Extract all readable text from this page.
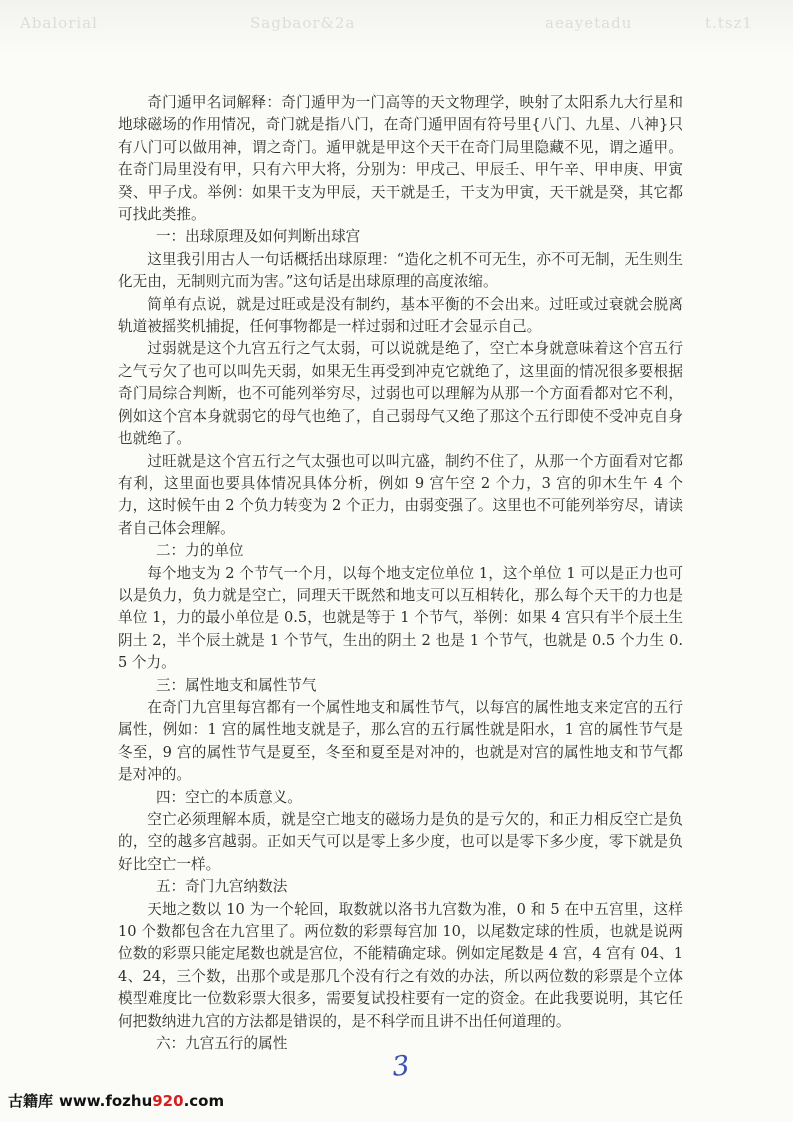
Abalorial	Sagbaor&2a	aeayetadu	t.tsz1

奇门遁甲名词解释：奇门遁甲为一门高等的天文物理学，映射了太阳系九大行星和地球磁场的作用情况，奇门就是指八门，在奇门遁甲固有符号里{八门、九星、八神}只有八门可以做用神，谓之奇门。遁甲就是甲这个天干在奇门局里隐藏不见，谓之遁甲。在奇门局里没有甲，只有六甲大将，分别为：甲戌己、甲辰壬、甲午辛、甲申庚、甲寅癸、甲子戊。举例：如果干支为甲辰，天干就是壬，干支为甲寅，天干就是癸，其它都可找此类推。

一：出球原理及如何判断出球宫

这里我引用古人一句话概括出球原理：“造化之机不可无生，亦不可无制，无生则生化无由，无制则亢而为害。”这句话是出球原理的高度浓缩。

简单有点说，就是过旺或是没有制约，基本平衡的不会出来。过旺或过衰就会脱离轨道被摇奖机捕捉，任何事物都是一样过弱和过旺才会显示自己。

过弱就是这个九宫五行之气太弱，可以说就是绝了，空亡本身就意味着这个宫五行之气亏欠了也可以叫先天弱，如果无生再受到冲克它就绝了，这里面的情况很多要根据奇门局综合判断，也不可能列举穷尽，过弱也可以理解为从那一个方面看都对它不利，例如这个宫本身就弱它的母气也绝了，自己弱母气又绝了那这个五行即使不受冲克自身也就绝了。

过旺就是这个宫五行之气太强也可以叫亢盛，制约不住了，从那一个方面看对它都有利，这里面也要具体情况具体分析，例如 9 宫午空 2 个力，3 宫的卯木生午 4 个力，这时候午由 2 个负力转变为 2 个正力，由弱变强了。这里也不可能列举穷尽，请读者自己体会理解。

二：力的单位

每个地支为 2 个节气一个月，以每个地支定位单位 1，这个单位 1 可以是正力也可以是负力，负力就是空亡，同理天干既然和地支可以互相转化，那么每个天干的力也是单位 1，力的最小单位是 0.5，也就是等于 1 个节气，举例：如果 4 宫只有半个辰土生阴土 2，半个辰土就是 1 个节气，生出的阴土 2 也是 1 个节气，也就是 0.5 个力生 0.5 个力。

三：属性地支和属性节气

在奇门九宫里每宫都有一个属性地支和属性节气，以每宫的属性地支来定宫的五行属性，例如：1 宫的属性地支就是子，那么宫的五行属性就是阳水，1 宫的属性节气是冬至，9 宫的属性节气是夏至，冬至和夏至是对冲的，也就是对宫的属性地支和节气都是对冲的。

四：空亡的本质意义。

空亡必须理解本质，就是空亡地支的磁场力是负的是亏欠的，和正力相反空亡是负的，空的越多宫越弱。正如天气可以是零上多少度，也可以是零下多少度，零下就是负好比空亡一样。

五：奇门九宫纳数法

天地之数以 10 为一个轮回，取数就以洛书九宫数为准，0 和 5 在中五宫里，这样 10 个数都包含在九宫里了。两位数的彩票每宫加 10，以尾数定球的性质，也就是说两位数的彩票只能定尾数也就是宫位，不能精确定球。例如定尾数是 4 宫，4 宫有 04、14、24，三个数，出那个或是那几个没有行之有效的办法，所以两位数的彩票是个立体模型难度比一位数彩票大很多，需要复试投柱要有一定的资金。在此我要说明，其它任何把数纳进九宫的方法都是错误的，是不科学而且讲不出任何道理的。

六：九宫五行的属性

3
古籍库 www.fozhu920.com
